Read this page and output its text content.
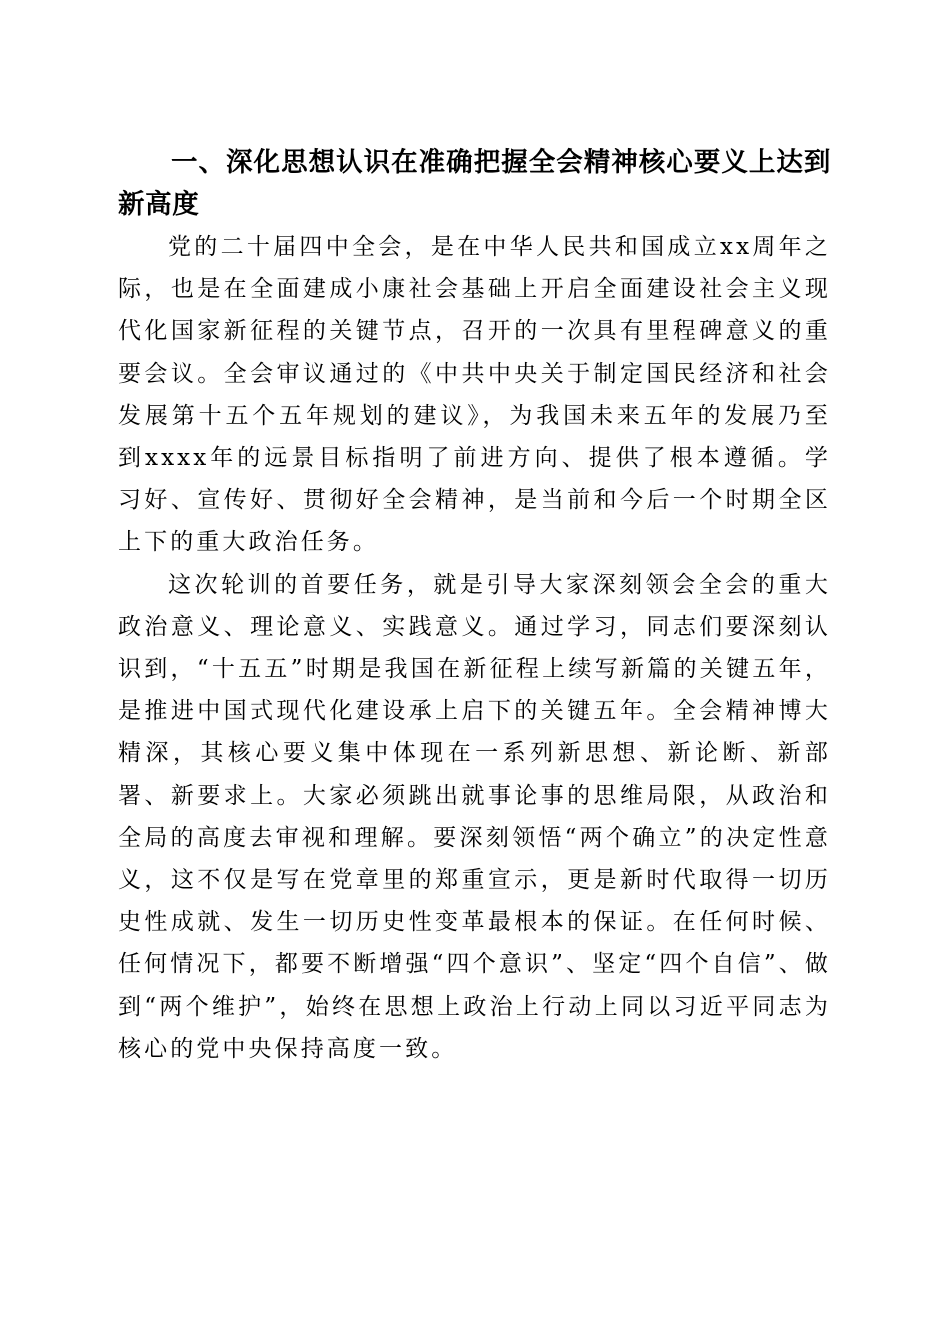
一、深化思想认识在准确把握全会精神核心要义上达到新高度

党的二十届四中全会，是在中华人民共和国成立xx周年之际，也是在全面建成小康社会基础上开启全面建设社会主义现代化国家新征程的关键节点，召开的一次具有里程碑意义的重要会议。全会审议通过的《中共中央关于制定国民经济和社会发展第十五个五年规划的建议》，为我国未来五年的发展乃至到xxxx年的远景目标指明了前进方向、提供了根本遵循。学习好、宣传好、贯彻好全会精神，是当前和今后一个时期全区上下的重大政治任务。

这次轮训的首要任务，就是引导大家深刻领会全会的重大政治意义、理论意义、实践意义。通过学习，同志们要深刻认识到，“十五五”时期是我国在新征程上续写新篇的关键五年，是推进中国式现代化建设承上启下的关键五年。全会精神博大精深，其核心要义集中体现在一系列新思想、新论断、新部署、新要求上。大家必须跳出就事论事的思维局限，从政治和全局的高度去审视和理解。要深刻领悟“两个确立”的决定性意义，这不仅是写在党章里的郑重宣示，更是新时代取得一切历史性成就、发生一切历史性变革最根本的保证。在任何时候、任何情况下，都要不断增强“四个意识”、坚定“四个自信”、做到“两个维护”，始终在思想上政治上行动上同以习近平同志为核心的党中央保持高度一致。
